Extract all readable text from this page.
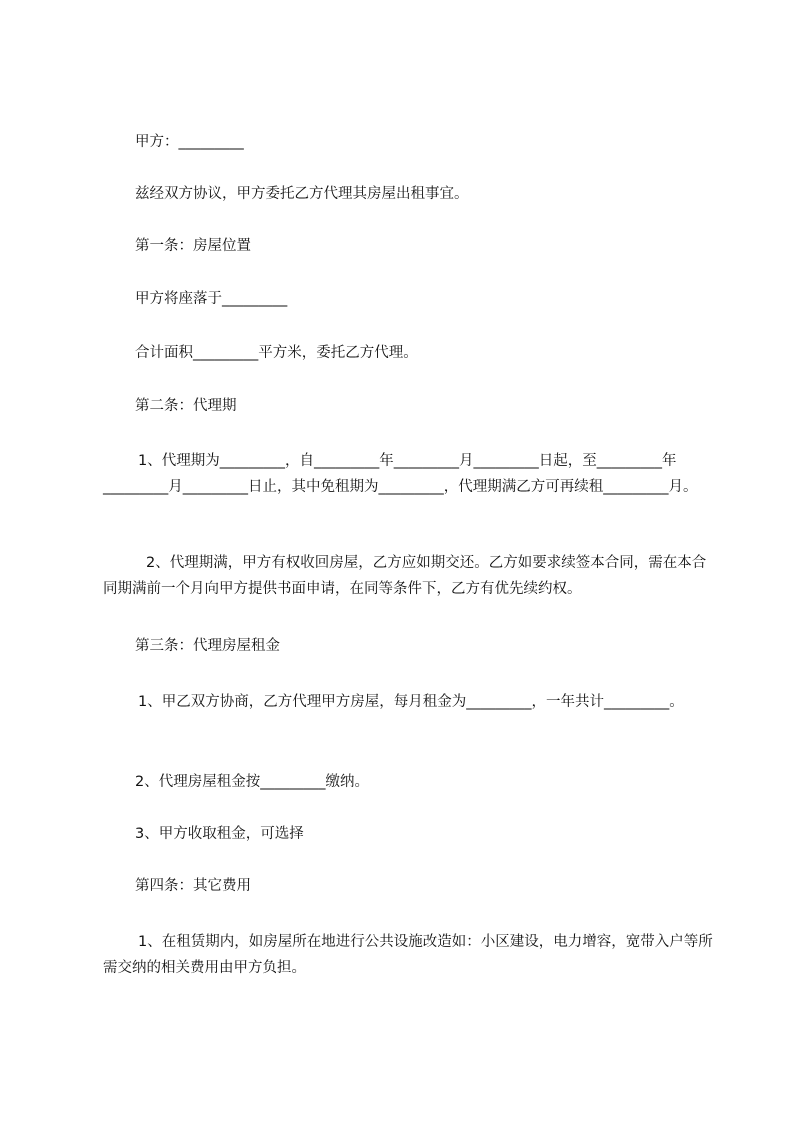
甲方：_________

兹经双方协议，甲方委托乙方代理其房屋出租事宜。

第一条：房屋位置

甲方将座落于_________

合计面积_________平方米，委托乙方代理。

第二条：代理期

1、代理期为_________，自_________年_________月_________日起，至_________年_________月_________日止，其中免租期为_________，代理期满乙方可再续租_________月。

2、代理期满，甲方有权收回房屋，乙方应如期交还。乙方如要求续签本合同，需在本合同期满前一个月向甲方提供书面申请，在同等条件下，乙方有优先续约权。

第三条：代理房屋租金

1、甲乙双方协商，乙方代理甲方房屋，每月租金为_________，一年共计_________。

2、代理房屋租金按_________缴纳。

3、甲方收取租金，可选择

第四条：其它费用

1、在租赁期内，如房屋所在地进行公共设施改造如：小区建设，电力增容，宽带入户等所需交纳的相关费用由甲方负担。
